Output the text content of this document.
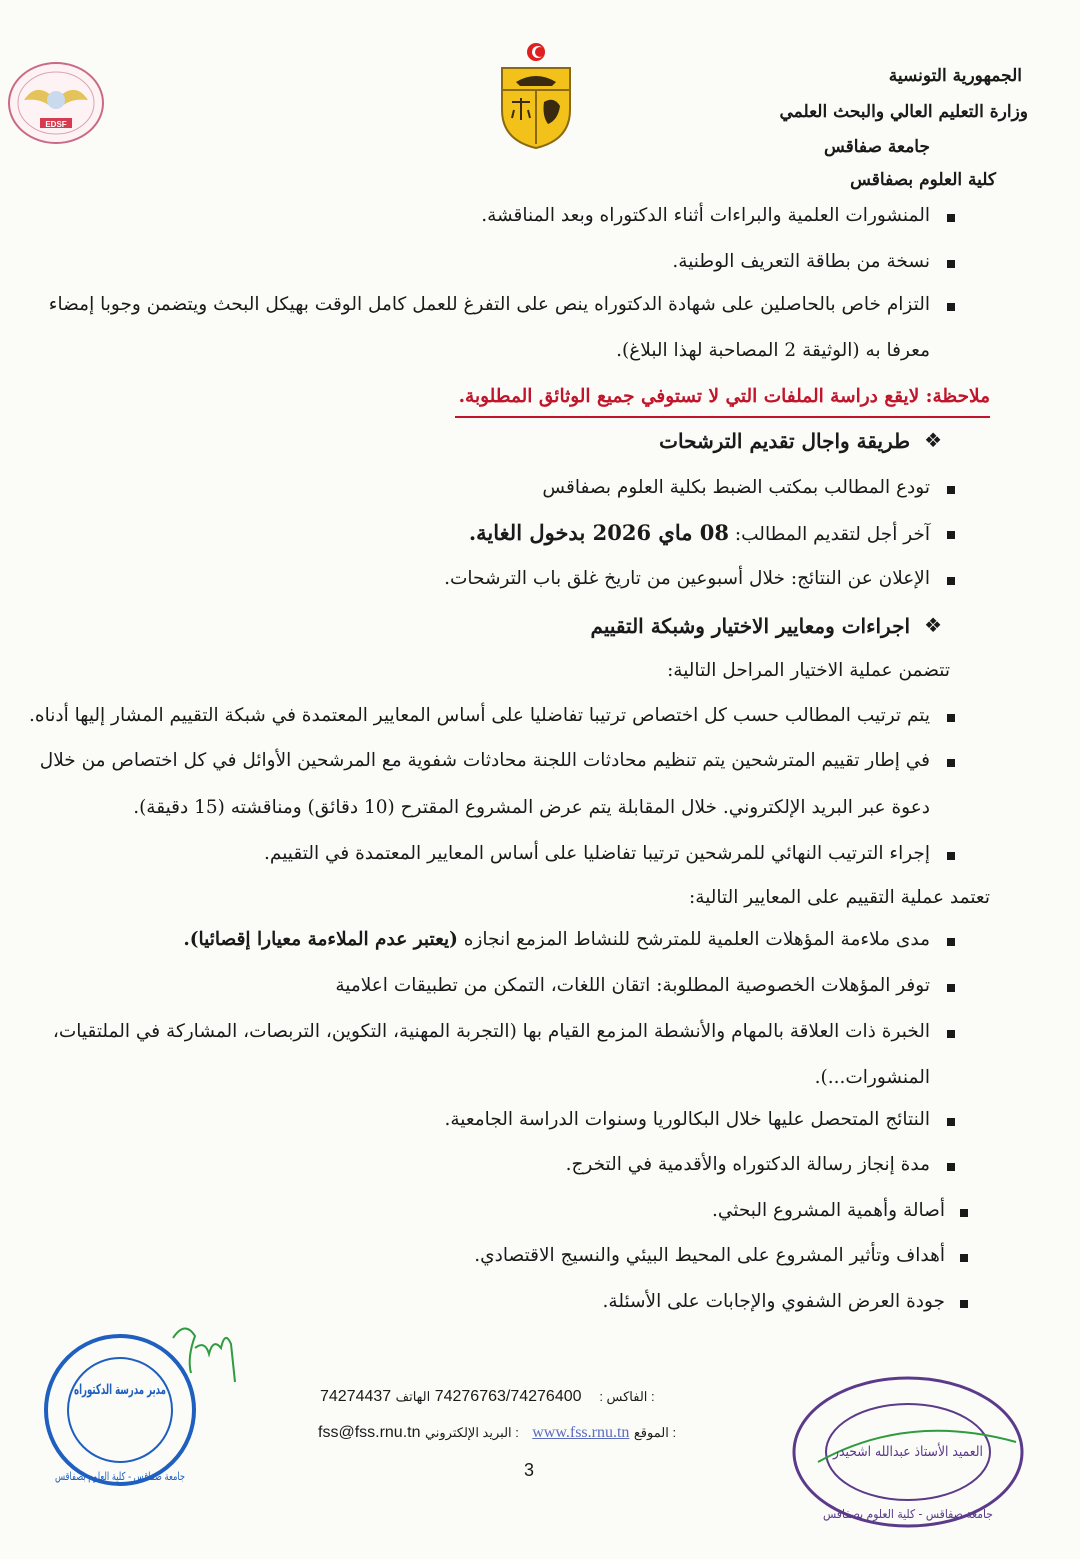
الجمهورية التونسية
وزارة التعليم العالي والبحث العلمي
جامعة صفاقس
كلية العلوم بصفاقس
EDSF
المنشورات العلمية والبراءات أثناء الدكتوراه وبعد المناقشة.
نسخة من بطاقة التعريف الوطنية.
التزام خاص بالحاصلين على شهادة الدكتوراه ينص على التفرغ للعمل كامل الوقت بهيكل البحث ويتضمن وجوبا إمضاء
معرفا به (الوثيقة 2 المصاحبة لهذا البلاغ).
ملاحظة: لايقع دراسة الملفات التي لا تستوفي جميع الوثائق المطلوبة.
❖
طريقة واجال تقديم الترشحات
تودع المطالب بمكتب الضبط بكلية العلوم بصفاقس
آخر أجل لتقديم المطالب: 08 ماي 2026 بدخول الغاية.
الإعلان عن النتائج: خلال أسبوعين من تاريخ غلق باب الترشحات.
❖
اجراءات ومعايير الاختيار وشبكة التقييم
تتضمن عملية الاختيار المراحل التالية:
يتم ترتيب المطالب حسب كل اختصاص ترتيبا تفاضليا على أساس المعايير المعتمدة في شبكة التقييم المشار إليها أدناه.
في إطار تقييم المترشحين يتم تنظيم محادثات اللجنة محادثات شفوية مع المرشحين الأوائل في كل اختصاص من خلال
دعوة عبر البريد الإلكتروني. خلال المقابلة يتم عرض المشروع المقترح (10 دقائق) ومناقشته (15 دقيقة).
إجراء الترتيب النهائي للمرشحين ترتيبا تفاضليا على أساس المعايير المعتمدة في التقييم.
تعتمد عملية التقييم على المعايير التالية:
مدى ملاءمة المؤهلات العلمية للمترشح للنشاط المزمع انجازه (يعتبر عدم الملاءمة معيارا إقصائيا).
توفر المؤهلات الخصوصية المطلوبة: اتقان اللغات، التمكن من تطبيقات اعلامية
الخبرة ذات العلاقة بالمهام والأنشطة المزمع القيام بها (التجربة المهنية، التكوين، التربصات، المشاركة في الملتقيات،
المنشورات...).
النتائج المتحصل عليها خلال البكالوريا وسنوات الدراسة الجامعية.
مدة إنجاز رسالة الدكتوراه والأقدمية في التخرج.
أصالة وأهمية المشروع البحثي.
أهداف وتأثير المشروع على المحيط البيئي والنسيج الاقتصادي.
جودة العرض الشفوي والإجابات على الأسئلة.
74274437	الفاكس :    74276763/74276400 الهاتف :
fss@fss.rnu.tn البريد الإلكتروني : www.fss.rnu.tn الموقع :
3
مدير مدرسة الدكتوراه
جامعة صفاقس - كلية العلوم بصفاقس
العميد الأستاذ عبدالله اشحيدر
جامعة صفاقس - كلية العلوم بصفاقس
